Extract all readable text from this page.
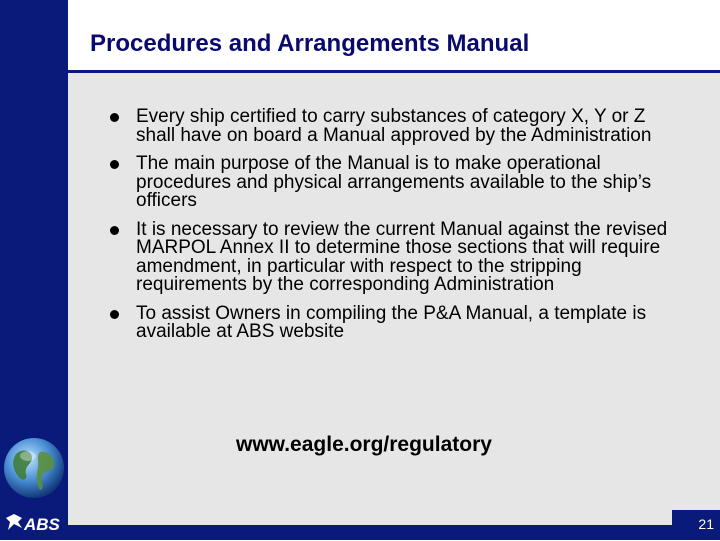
Procedures and Arrangements Manual
Every ship certified to carry substances of category X, Y or Z shall have on board a Manual approved by the Administration
The main purpose of the Manual is to make operational procedures and physical arrangements available to the ship’s officers
It is necessary to review the current Manual against the revised MARPOL Annex II to determine those sections that will require amendment, in particular with respect to the stripping requirements by the corresponding Administration
To assist Owners in compiling the P&A Manual, a template is available at ABS website
www.eagle.org/regulatory
ABS	21
